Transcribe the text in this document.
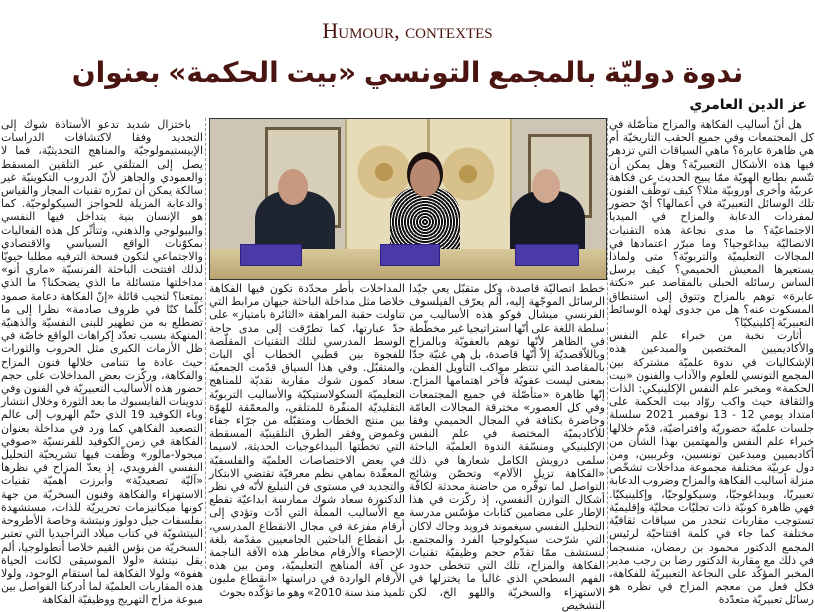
Humour, contextes
ندوة دوليّة بالمجمع التونسي «بيت الحكمة» بعنوان
عز الدين العامري

هل أنّ أساليب الفكاهة والمزاح متأصّلة في كل المجتمعات وفي جميع الحقب التاريخيّة أم هي ظاهرة عابرة؟ ماهي السياقات التي تزدهر فيها هذه الأشكال التعبيريّة؟ وهل يمكن أن تتّسم بطابع الهويّة ممّا يبيح الحديث عن فكاهة عربيّة وأخرى أوروبيّة مثلا؟ كيف توظّف الفنون تلك الوسائل التعبيريّة في أعمالها؟ أيّ حضور لمفردات الدعابة والمزاح في الميديا الاجتماعيّة؟ ما مدى نجاعة هذه التقنيات الاتصاليّة بيداغوجيا؟ وما مبرّر اعتمادها في المجالات التعليميّة والتربويّة؟ متى ولماذا يستعيرها المعيش الحميمي؟ كيف يرسل الساس رسائله الحبلى بالمقاصد عبر «نكتة عابرة» توهم بالمزاح وتتوق إلى استنطاق المسكوت عنه؟ هل من جدوى لهذه الوسائط التعبيريّة إكلينيكيّا؟

أثارت نخبة من خبراء علم النفس والأكاديميين المختصين والمبدعين هذه الإشكاليات في ندوة علميّة مشتركة بين المجمع التونسي للعلوم والآداب والفنون «بيت الحكمة» ومخبر علم النفس الإكلينيكي: الذات والثقافة حيث واكب روّاد بيت الحكمة على امتداد يومي 12 - 13 نوفمبر 2021 سلسلة جلسات علميّة حضوريّة وافتراضيّة، قدّم خلالها خبراء علم النفس والمهتمين بهذا الشأن من أكاديميين ومبدعين تونسيين، وغربيين، ومن دول عربيّة مختلفة مجموعة مداخلات تشخّص منزلة أساليب الفكاهة والمزاح وضروب الدعابة تعبيريّا، وبيداغوجيّا، وسيكولوجيّا، وإكلينيكيّا. فهي ظاهرة كونيّة ذات تجليّات محليّة وإقليميّة تستوجب مقاربات تنحدر من سياقات ثقافيّة مختلفة كما جاء في كلمة افتتاحيّة لرئيس المجمع الدكتور محمود بن رمضان، منسجما في ذلك مع مقاربة الدكتور رضا بن رجب مدير المخبر المؤكّد على النجاعة التعبيريّة للفكاهة، فكل فعل من معجم المزاح في نظره هو رسائل تعبيريّة متعدّدة

خطط اتصاليّة قاصدة، وكل متقبّل يعي جيّدا الرسائل الموجّهة إليه، ألم يعرّف الفيلسوف الفرنسي ميشال فوكو هذه الأساليب من سلطة اللغة على أنّها استراتيجيا غير مخطّطة في الظاهر لأنّها توهم بالعفويّة وبالمزاح وباللاّقصديّة إلاّ أنّها قاصدة، بل هي غنيّة جدّا بالمقاصد التي تنتظر مواكب التأويل الفطن، بمعنى ليست عفويّة فآخر اهتمامها المزاح. إنّها ظاهرة «متأصّلة في جميع المجتمعات وفي كل العصور» مخترقة المجالات العامّة وحاضرة بكثافة في المجال الحميمي وفقا للأكاديميّة المختصة في علم النفس الإكلينيكي ومنسّقة الندوة العلميّة الباحثة سلمى درويش الكامل شعارها في ذلك «الفكاهة تزيل الآلام» وتحصّن وشائج التواصل لما توفّره من حاضنة محدثة لكافّة أشكال التوازن النفسي، إذ ركّزت في هذا الإطار على مضامين كتابات مؤسّس مدرسة التحليل النفسي سيغموند فرويد وجاك لاكان التي شرّحت سيكولوجيا الفرد والمجتمع. لنستشف ممّا تقدّم حجم وظيفيّة تقنيات الفكاهة والمزاح، تلك التي تتخطى حدود الفهم السطحي الذي غالبا ما يختزلها في الاستهزاء والسخريّة واللهو الخ، لكن التشخيص

المداخلات بأطر محدّدة تكون فيها الفكاهة خلاصا مثل مداخلة الباحثة جيهان مرابط التي تناولت حقبة المراهقة «الثائرة بامتياز» على حدّ عبارتها، كما تطرّقت إلى مدى حاجة الوسط المدرسي لتلك التقنيات المقلّصة للفجوة بين قطبي الخطاب أي الباث والمتقبّل. وفي هذا السياق قدّمت الجمعيّة سعاد كمون شوك مقاربة نقديّة للمناهج التعليميّة السكولاستيكيّة والأساليب التربويّة التقليديّة المنفّرة للمتلقي، والمعمّقة للهوّة بين منتج الخطاب ومتقبّله من جرّاء جفاء وغموض وفقر الطرق التلقينيّة المسقطة التي تخطّتها البيداغوجيات الحديثة، لاسيما في بعض الاختصاصات العلميّة والفلسفيّة المعقّدة بماهي نظم معرفيّة تقتضي الابتكار والتجديد في مستوى فن التبليغ لأنّه في نظر الدكتورة سعاد شوك ممارسة ابداعيّة تقطع مع الأساليب المملّة التي أدّت وتؤدي إلى أرقام مفزعة في مجال الانقطاع المدرسي، بل انقطاع الباحثين الجامعيين مقدّمة بلغة الإحصاء والأرقام مخاطر هذه الآفة الناجمة عن آفة المناهج التعليميّة، ومن بين هذه الأرقام الواردة في دراستها «انقطاع مليون تلميذ منذ سنة 2010» وهو ما تؤكّده بحوث

باختزال شديد تدعو الأستاذة شوك إلى التجديد وفقا لاكتشافات الدراسات الإبيستيمولوجيّة والمناهج التحديثيّة، فما لا يصل إلى المتلقي عبر التلقين المسقط والعمودي والجاهز لأنّ الدروب التكوينيّة غير سالكة يمكن أن تمرّره تقنيات المجاز والقياس والدعابة المزيلة للحواجز السيكولوجيّة. كما هو الإنسان بنية يتداخل فيها النفسي والبيولوجي والذهني، وتتأثّر كل هذه الفعاليات بمكوّنات الواقع السياسي والاقتصادي والاجتماعي لتكون فسحة الترفيه مطلبا حيويّا لذلك افتتحت الباحثة الفرنسيّة «ماري أنو» مداخلتها متسائلة ما الذي يضحكنا؟ ما الذي يمتعنا؟ لتجيب قائلة «إنّ الفكاهة دعامة صمود كلّما كنّا في ظروف صادمة» نظرا إلى ما تضطلع به من تطهير للبنى النفسيّة والذهنيّة المنهكة بسبب تعدّد إكراهات الواقع خاصّة في ظل الأزمات الكبرى مثل الحروب والثورات حيث عادة ما تتنامى خلالها فنون المزاح والفكاهة، وركّزت بعض المداخلات على حجم حضور هذه الأساليب التعبيريّة في الفنون وفي تدوينات الفايسبوك ما بعد الثورة وخلال انتشار وباء الكوفيد 19 الذي حتّم الهروب إلى عالم التصعيد الفكاهي كما ورد في مداخلة بعنوان الفكاهة في زمن الكوفيد للفرنسيّة «صوفي ميجولا-مالور» وظّفت فيها تشريحيّة التحليل النفسي الفرويدي، إذ يعدّ المزاح في نظرها «آليّة تصعيديّة» وأبرزت أهميّة تقنيات الاستهزاء والفكاهة وفنون السخريّة من جهة كونها ميكانيزمات تحريريّة للذات، مستشهدة بفلسفات جيل دولوز ونيتشة وخاصة الأطروحة النيتشويّة في كتاب ميلاد التراجيديا التي تعتبر السخريّة من بؤس القيم خلاصا أنطولوجيا، ألم يقل نيتشة «لولا الموسيقى لكانت الحياة هفوة» ولولا الفكاهة لما استقام الوجود، ولولا هذه المقاربات العلميّة لما أدركنا الفواصل بين ميوعة مزاح التهريج ووظيفيّة الفكاهة
